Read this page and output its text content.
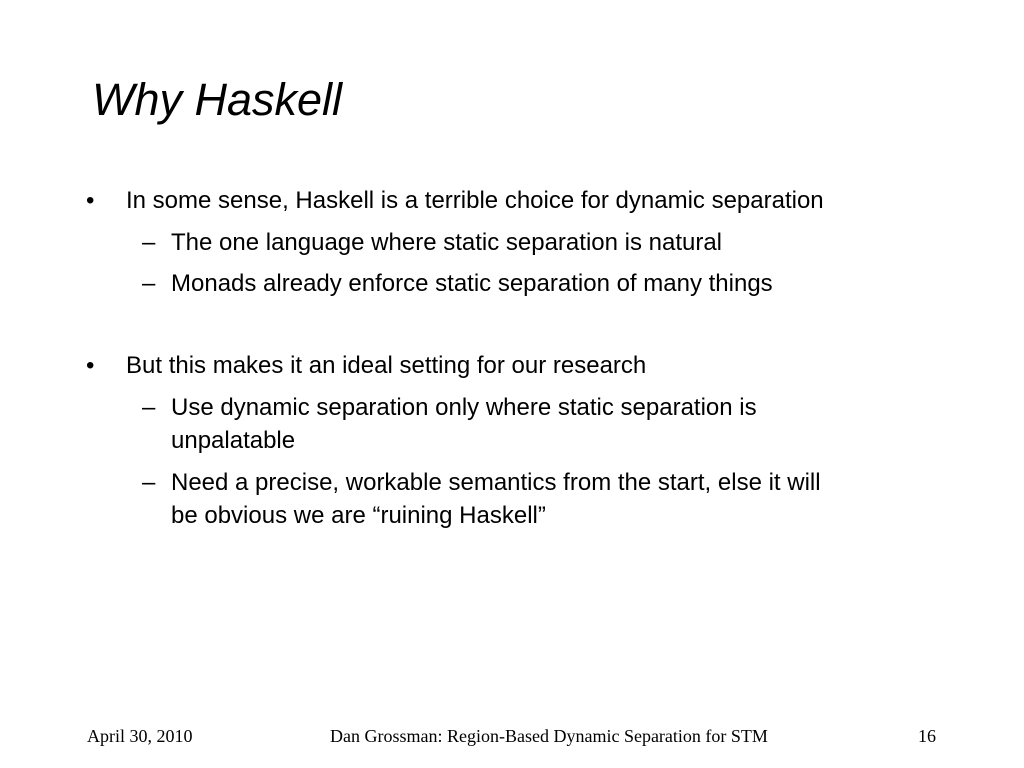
Why Haskell
• In some sense, Haskell is a terrible choice for dynamic separation
– The one language where static separation is natural
– Monads already enforce static separation of many things
• But this makes it an ideal setting for our research
– Use dynamic separation only where static separation is
unpalatable
– Need a precise, workable semantics from the start, else it will
be obvious we are “ruining Haskell”
April 30, 2010	Dan Grossman: Region-Based Dynamic Separation for STM	16
